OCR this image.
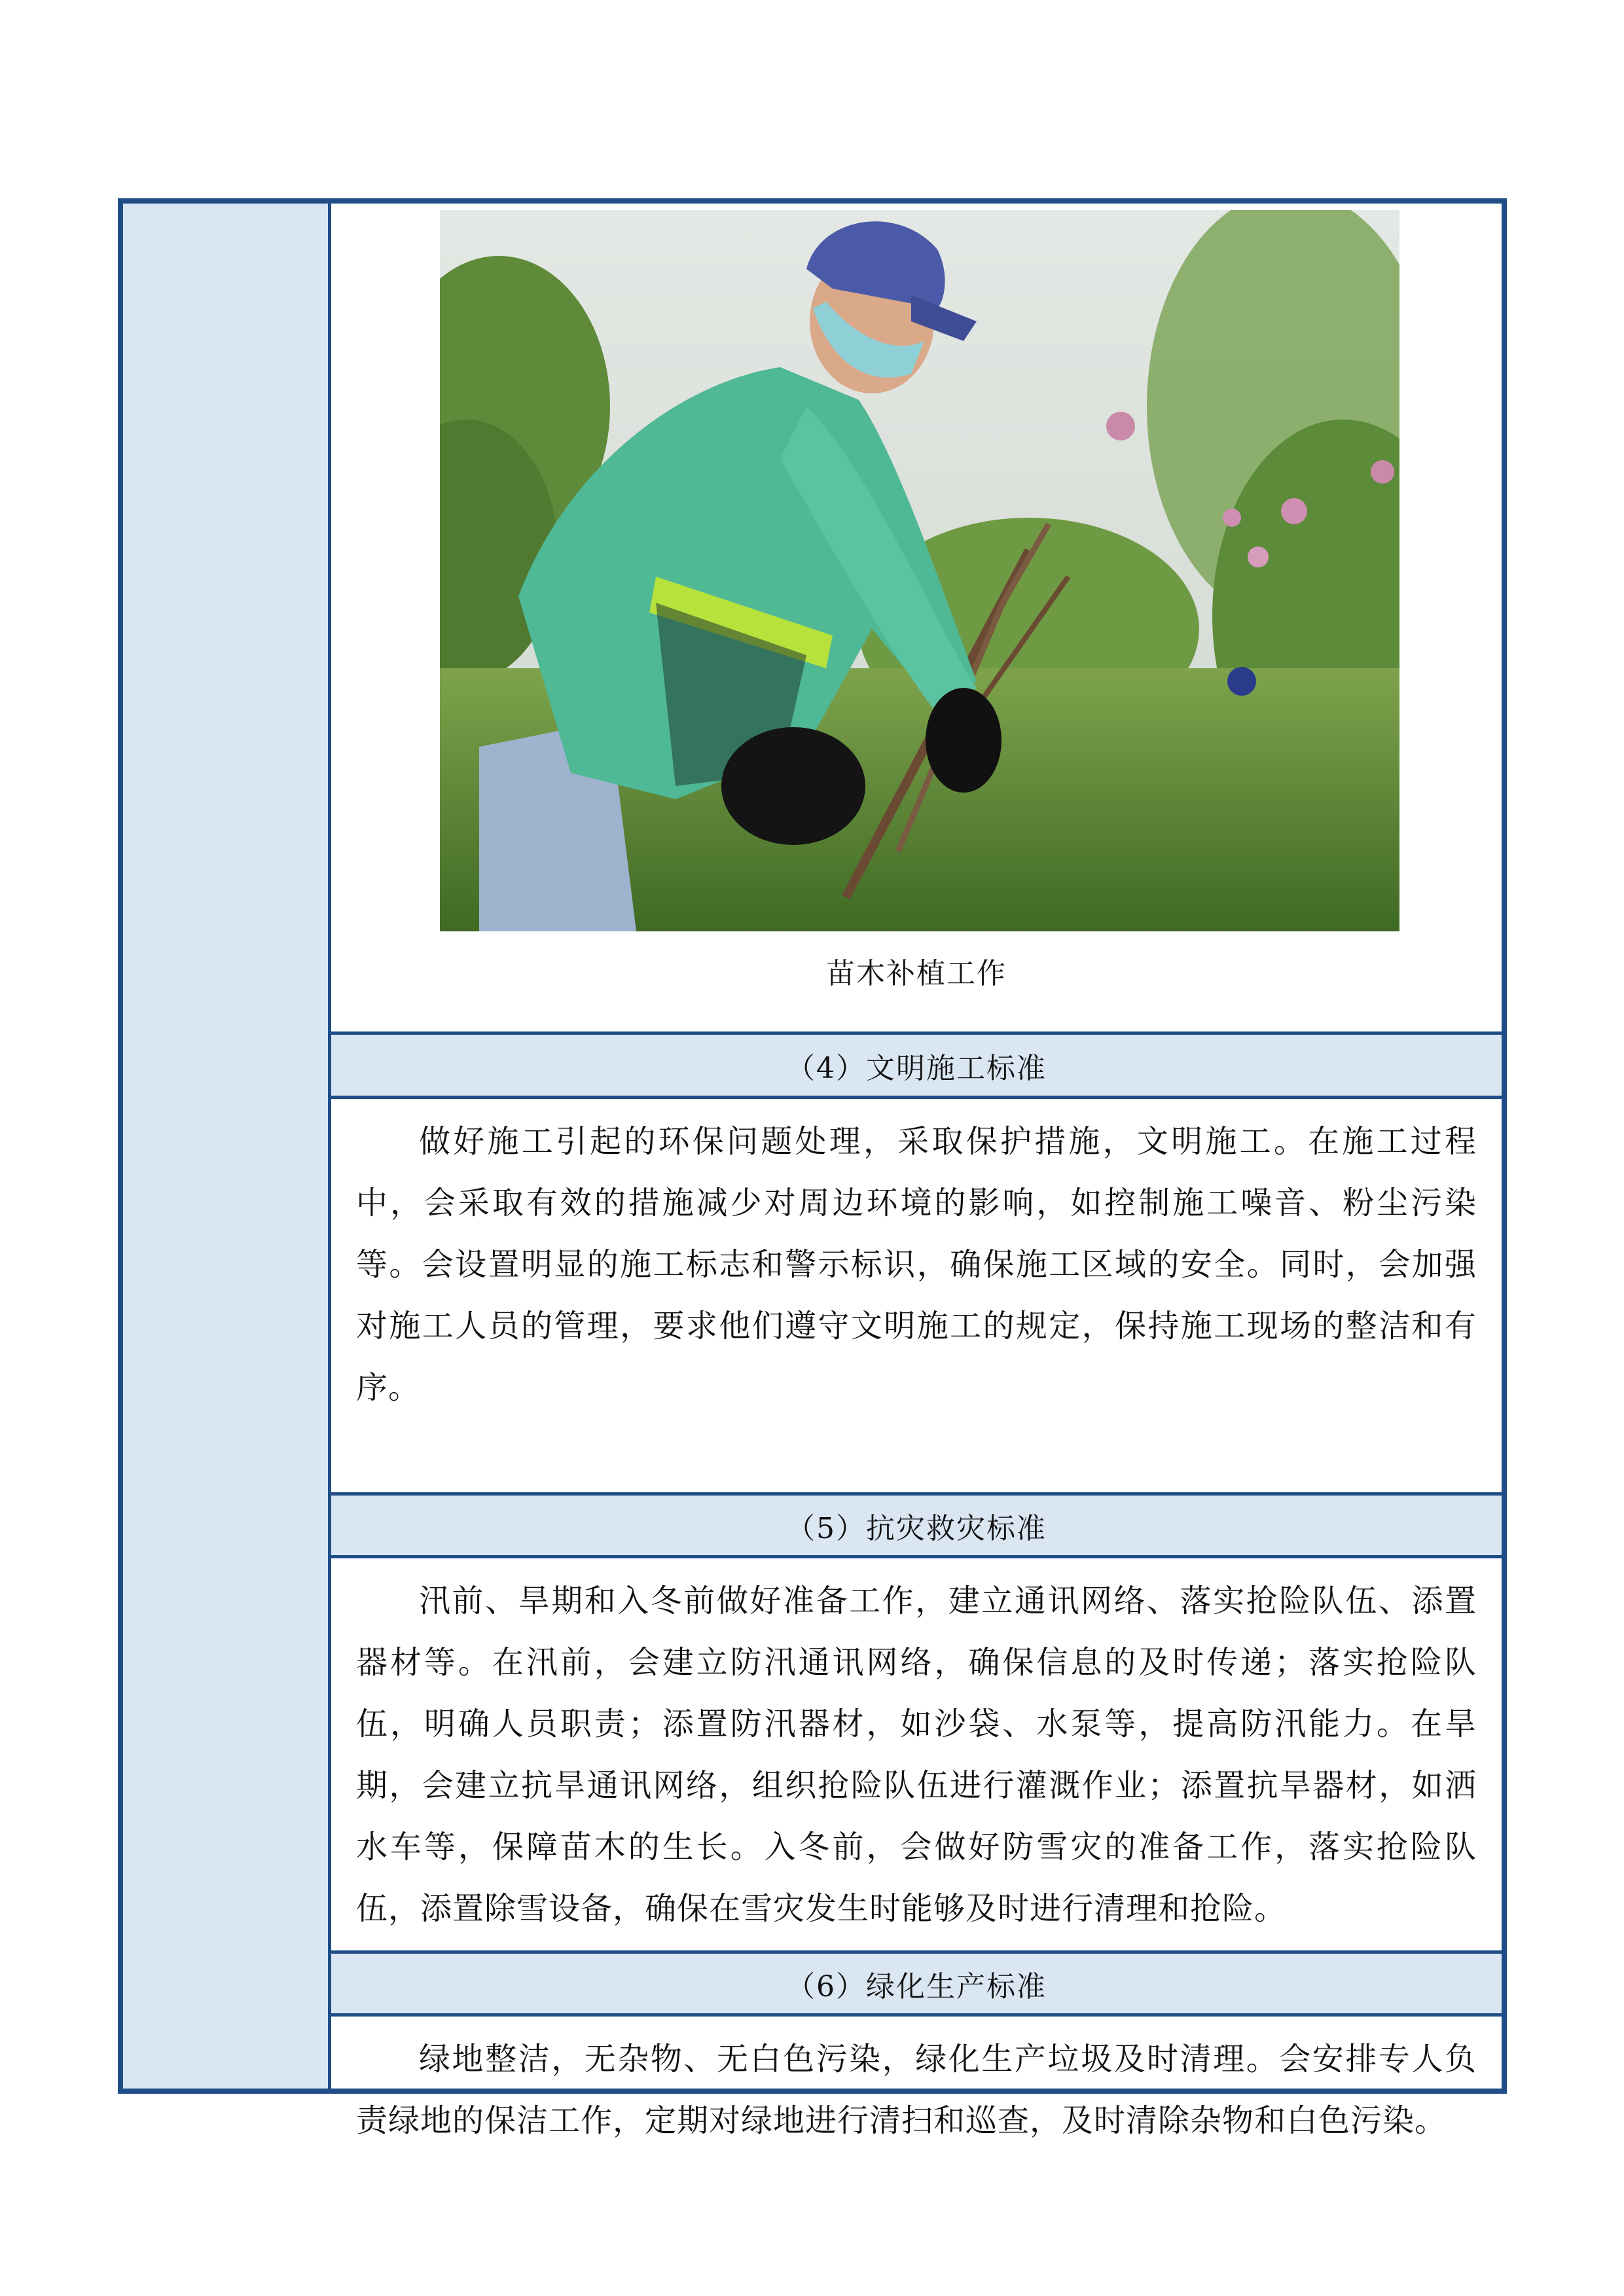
苗木补植工作
（4）文明施工标准
做好施工引起的环保问题处理，采取保护措施，文明施工。在施工过程中，会采取有效的措施减少对周边环境的影响，如控制施工噪音、粉尘污染等。会设置明显的施工标志和警示标识，确保施工区域的安全。同时，会加强对施工人员的管理，要求他们遵守文明施工的规定，保持施工现场的整洁和有序。
（5）抗灾救灾标准
汛前、旱期和入冬前做好准备工作，建立通讯网络、落实抢险队伍、添置器材等。在汛前，会建立防汛通讯网络，确保信息的及时传递；落实抢险队伍，明确人员职责；添置防汛器材，如沙袋、水泵等，提高防汛能力。在旱期，会建立抗旱通讯网络，组织抢险队伍进行灌溉作业；添置抗旱器材，如洒水车等，保障苗木的生长。入冬前，会做好防雪灾的准备工作，落实抢险队伍，添置除雪设备，确保在雪灾发生时能够及时进行清理和抢险。
（6）绿化生产标准
绿地整洁，无杂物、无白色污染，绿化生产垃圾及时清理。会安排专人负责绿地的保洁工作，定期对绿地进行清扫和巡查，及时清除杂物和白色污染。
